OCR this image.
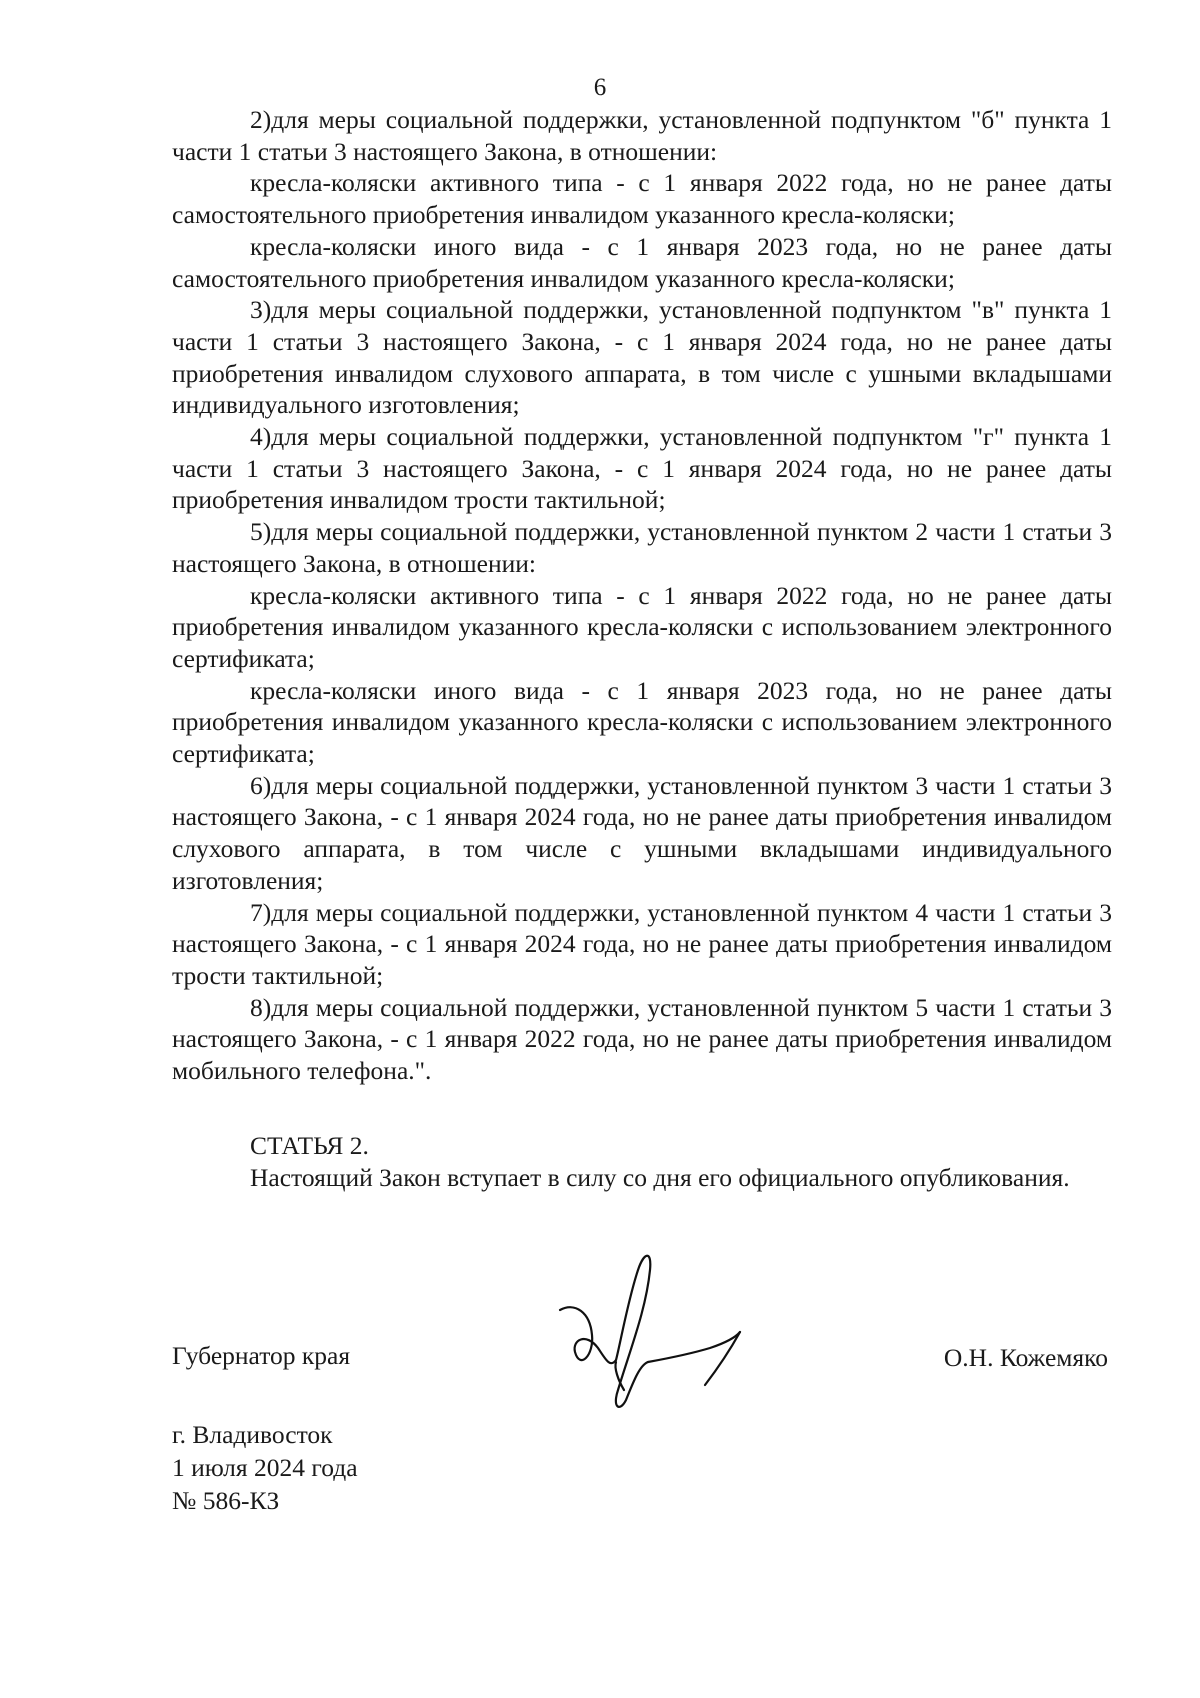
6

2)для меры социальной поддержки, установленной подпунктом "б" пункта 1 части 1 статьи 3 настоящего Закона, в отношении:

кресла-коляски активного типа - с 1 января 2022 года, но не ранее даты самостоятельного приобретения инвалидом указанного кресла-коляски;

кресла-коляски иного вида - с 1 января 2023 года, но не ранее даты самостоятельного приобретения инвалидом указанного кресла-коляски;

3)для меры социальной поддержки, установленной подпунктом "в" пункта 1 части 1 статьи 3 настоящего Закона, - с 1 января 2024 года, но не ранее даты приобретения инвалидом слухового аппарата, в том числе с ушными вкладышами индивидуального изготовления;

4)для меры социальной поддержки, установленной подпунктом "г" пункта 1 части 1 статьи 3 настоящего Закона, - с 1 января 2024 года, но не ранее даты приобретения инвалидом трости тактильной;

5)для меры социальной поддержки, установленной пунктом 2 части 1 статьи 3 настоящего Закона, в отношении:

кресла-коляски активного типа - с 1 января 2022 года, но не ранее даты приобретения инвалидом указанного кресла-коляски с использованием электронного сертификата;

кресла-коляски иного вида - с 1 января 2023 года, но не ранее даты приобретения инвалидом указанного кресла-коляски с использованием электронного сертификата;

6)для меры социальной поддержки, установленной пунктом 3 части 1 статьи 3 настоящего Закона, - с 1 января 2024 года, но не ранее даты приобретения инвалидом слухового аппарата, в том числе с ушными вкладышами индивидуального изготовления;

7)для меры социальной поддержки, установленной пунктом 4 части 1 статьи 3 настоящего Закона, - с 1 января 2024 года, но не ранее даты приобретения инвалидом трости тактильной;

8)для меры социальной поддержки, установленной пунктом 5 части 1 статьи 3 настоящего Закона, - с 1 января 2022 года, но не ранее даты приобретения инвалидом мобильного телефона.".

СТАТЬЯ 2.

Настоящий Закон вступает в силу со дня его официального опубликования.

Губернатор края	О.Н. Кожемяко
г. Владивосток
1 июля 2024 года
№ 586-КЗ
